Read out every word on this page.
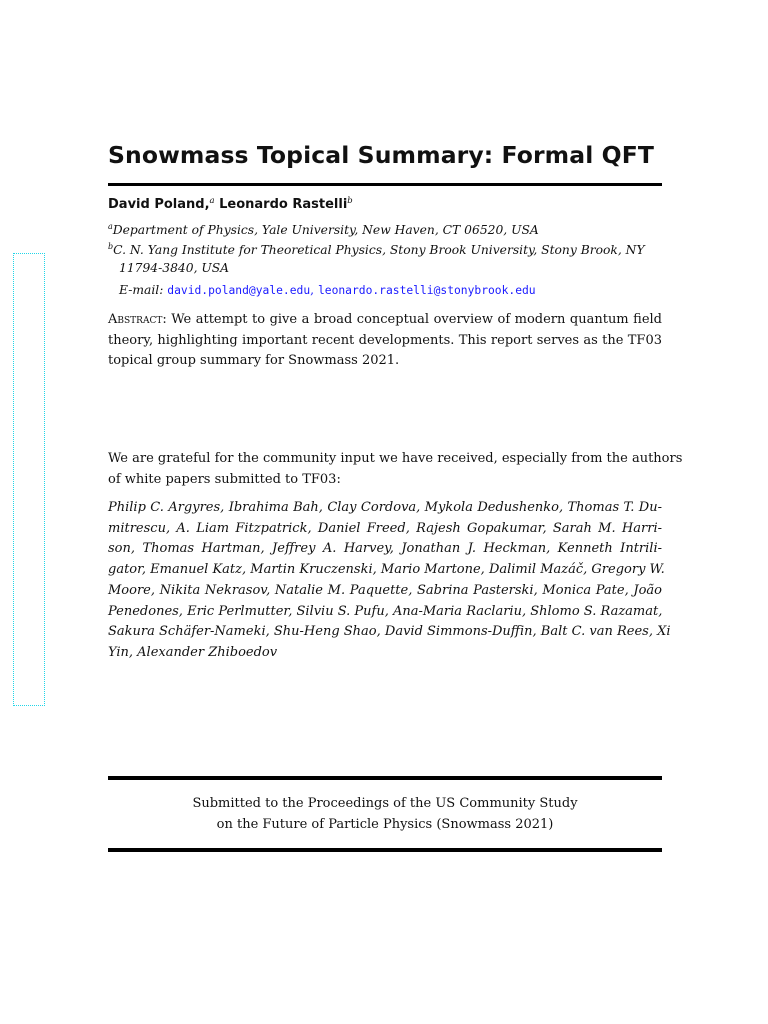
Snowmass Topical Summary: Formal QFT
David Poland,$^a$ Leonardo Rastelli$^b$
$^a$Department of Physics, Yale University, New Haven, CT 06520, USA
$^b$C. N. Yang Institute for Theoretical Physics, Stony Brook University, Stony Brook, NY
11794-3840, USA
E-mail: david.poland@yale.edu, leonardo.rastelli@stonybrook.edu
Abstract: We attempt to give a broad conceptual overview of modern quantum field
theory, highlighting important recent developments. This report serves as the TF03
topical group summary for Snowmass 2021.
We are grateful for the community input we have received, especially from the authors
of white papers submitted to TF03:
Philip C. Argyres, Ibrahima Bah, Clay Cordova, Mykola Dedushenko, Thomas T. Du-
mitrescu, A. Liam Fitzpatrick, Daniel Freed, Rajesh Gopakumar, Sarah M. Harri-
son, Thomas Hartman, Jeffrey A. Harvey, Jonathan J. Heckman, Kenneth Intrili-
gator, Emanuel Katz, Martin Kruczenski, Mario Martone, Dalimil Mazáč, Gregory W.
Moore, Nikita Nekrasov, Natalie M. Paquette, Sabrina Pasterski, Monica Pate, João
Penedones, Eric Perlmutter, Silviu S. Pufu, Ana-Maria Raclariu, Shlomo S. Razamat,
Sakura Schäfer-Nameki, Shu-Heng Shao, David Simmons-Duffin, Balt C. van Rees, Xi
Yin, Alexander Zhiboedov
Submitted to the Proceedings of the US Community Study
on the Future of Particle Physics (Snowmass 2021)
